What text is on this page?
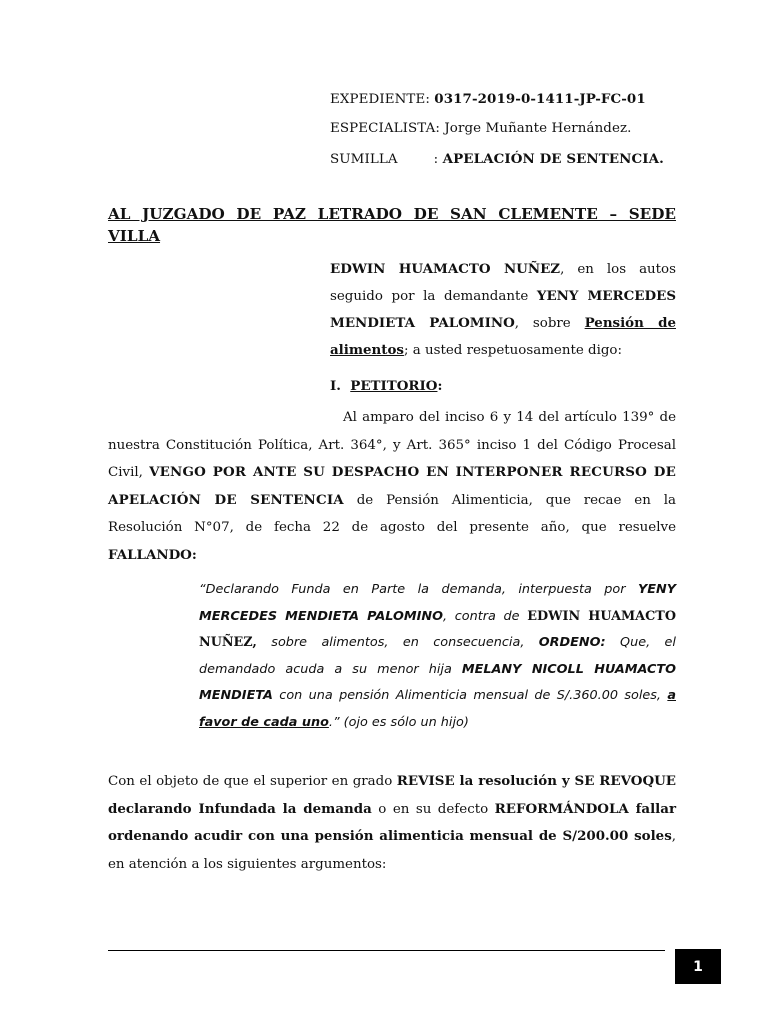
EXPEDIENTE: 0317-2019-0-1411-JP-FC-01
ESPECIALISTA: Jorge Muñante Hernández.
SUMILLA	: APELACIÓN DE SENTENCIA.
AL JUZGADO DE PAZ LETRADO DE SAN CLEMENTE – SEDE VILLA
EDWIN HUAMACTO NUÑEZ, en los autos seguido por la demandante YENY MERCEDES MENDIETA PALOMINO, sobre Pensión de alimentos; a usted respetuosamente digo:
I. PETITORIO:
Al amparo del inciso 6 y 14 del artículo 139° de nuestra Constitución Política, Art. 364°, y Art. 365° inciso 1 del Código Procesal Civil, VENGO POR ANTE SU DESPACHO EN INTERPONER RECURSO DE APELACIÓN DE SENTENCIA de Pensión Alimenticia, que recae en la Resolución N°07, de fecha 22 de agosto del presente año, que resuelve FALLANDO:
“Declarando Funda en Parte la demanda, interpuesta por YENY MERCEDES MENDIETA PALOMINO, contra de EDWIN HUAMACTO NUÑEZ, sobre alimentos, en consecuencia, ORDENO: Que, el demandado acuda a su menor hija MELANY NICOLL HUAMACTO MENDIETA con una pensión Alimenticia mensual de S/.360.00 soles, a favor de cada uno.” (ojo es sólo un hijo)
Con el objeto de que el superior en grado REVISE la resolución y SE REVOQUE declarando Infundada la demanda o en su defecto REFORMÁNDOLA fallar ordenando acudir con una pensión alimenticia mensual de S/200.00 soles, en atención a los siguientes argumentos:
1
